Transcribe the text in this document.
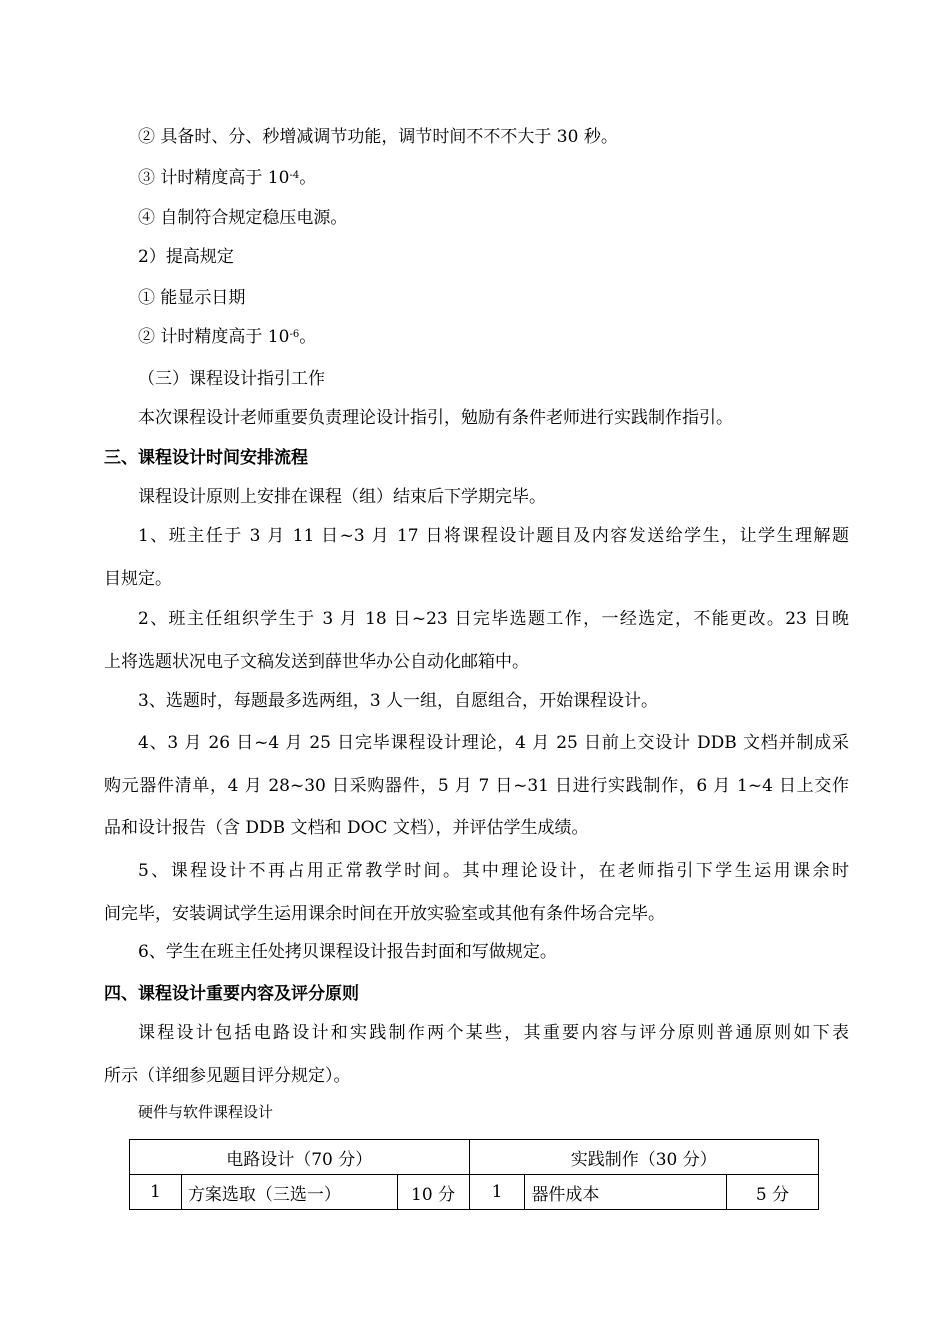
② 具备时、分、秒增减调节功能，调节时间不不不大于 30 秒。
③ 计时精度高于 $10^{-4}$。
④ 自制符合规定稳压电源。
2）提高规定
① 能显示日期
② 计时精度高于 $10^{-6}$。
（三）课程设计指引工作
本次课程设计老师重要负责理论设计指引，勉励有条件老师进行实践制作指引。
三、课程设计时间安排流程
课程设计原则上安排在课程（组）结束后下学期完毕。
1、班主任于 3 月 11 日~3 月 17 日将课程设计题目及内容发送给学生，让学生理解题
目规定。
2、班主任组织学生于 3 月 18 日~23 日完毕选题工作，一经选定，不能更改。23 日晚
上将选题状况电子文稿发送到薛世华办公自动化邮箱中。
3、选题时，每题最多选两组，3 人一组，自愿组合，开始课程设计。
4、3 月 26 日~4 月 25 日完毕课程设计理论，4 月 25 日前上交设计 DDB 文档并制成采
购元器件清单，4 月 28~30 日采购器件，5 月 7 日~31 日进行实践制作，6 月 1~4 日上交作
品和设计报告（含 DDB 文档和 DOC 文档），并评估学生成绩。
5、课程设计不再占用正常教学时间。其中理论设计，在老师指引下学生运用课余时
间完毕，安装调试学生运用课余时间在开放实验室或其他有条件场合完毕。
6、学生在班主任处拷贝课程设计报告封面和写做规定。
四、课程设计重要内容及评分原则
课程设计包括电路设计和实践制作两个某些，其重要内容与评分原则普通原则如下表
所示（详细参见题目评分规定）。
硬件与软件课程设计
电路设计（70 分）			实践制作（30 分）		
1	方案选取（三选一）	10 分	1	器件成本	5 分
